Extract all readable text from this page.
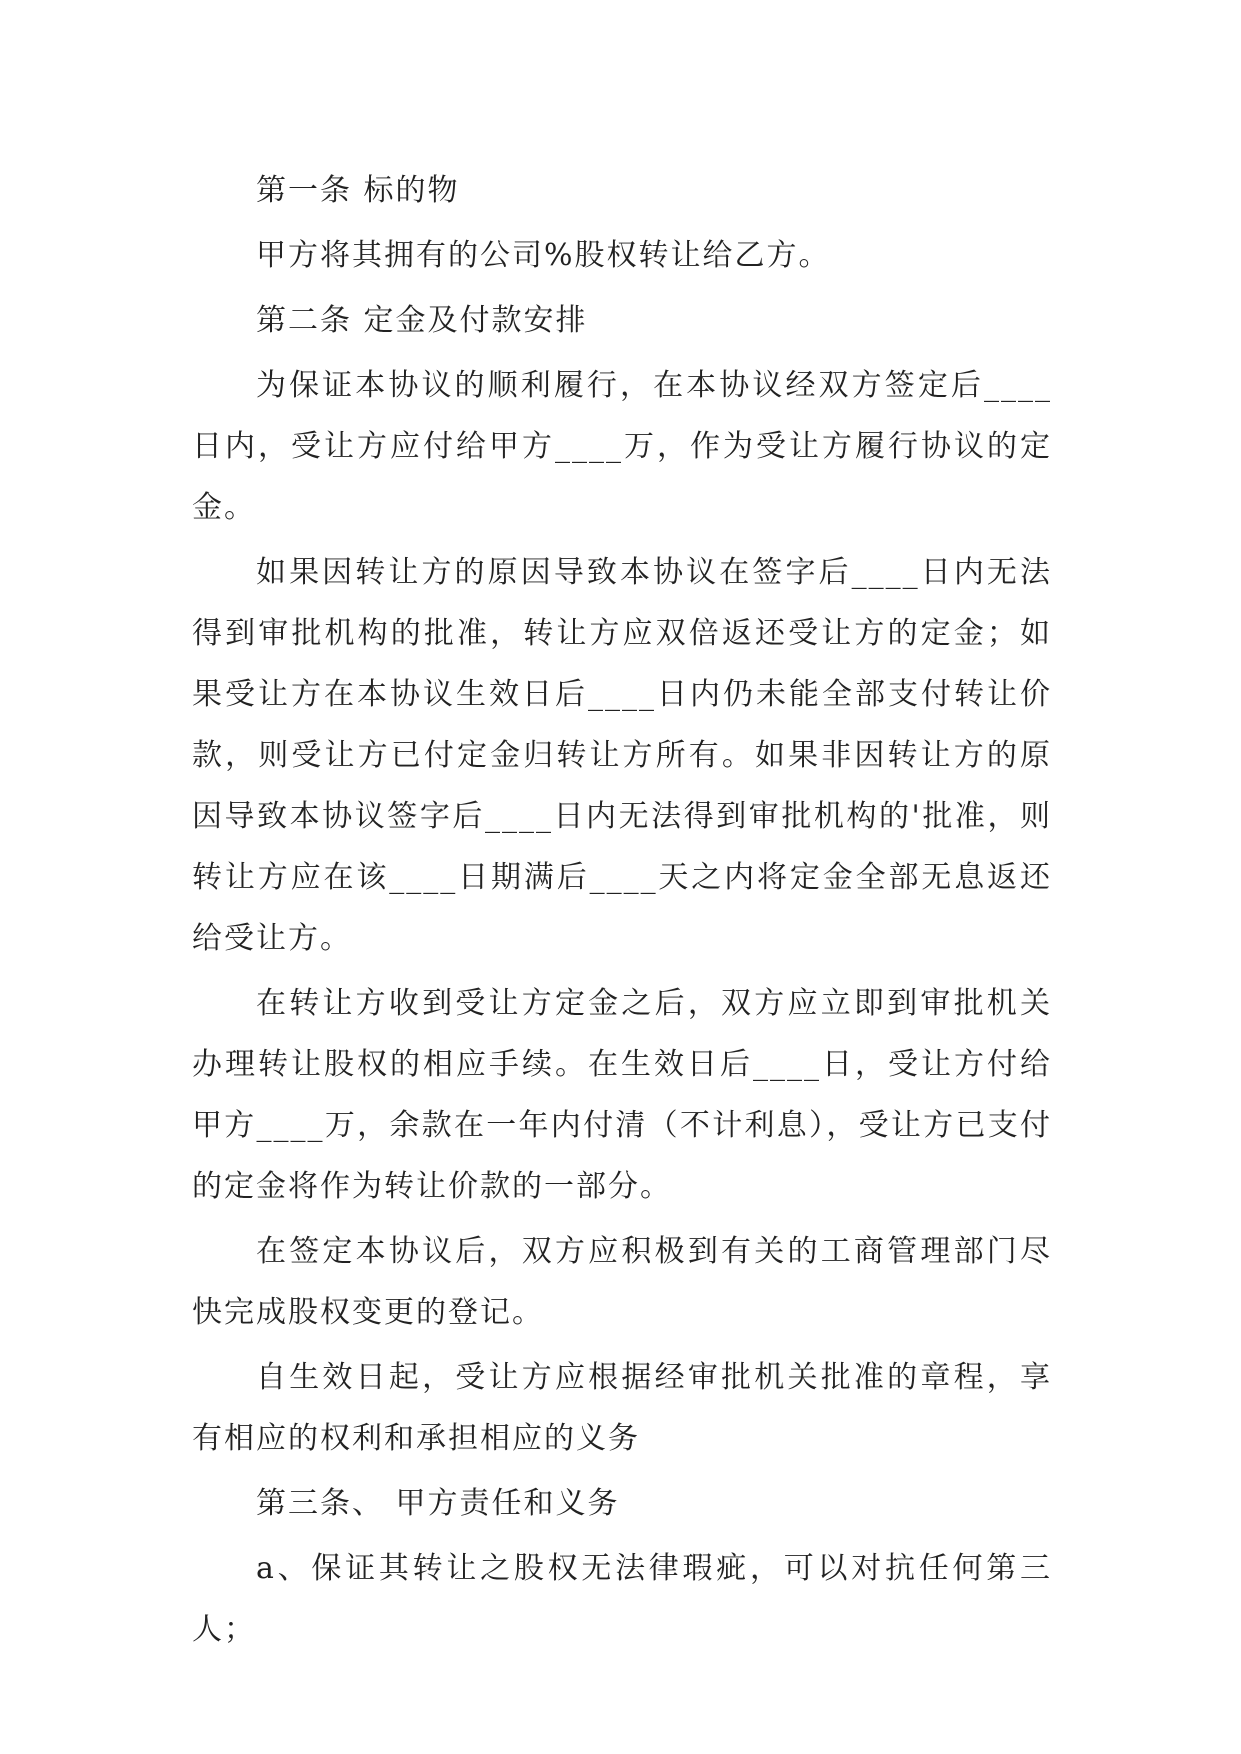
第一条 标的物

甲方将其拥有的公司%股权转让给乙方。

第二条 定金及付款安排

为保证本协议的顺利履行，在本协议经双方签定后____日内，受让方应付给甲方____万，作为受让方履行协议的定金。

如果因转让方的原因导致本协议在签字后____日内无法得到审批机构的批准，转让方应双倍返还受让方的定金；如果受让方在本协议生效日后____日内仍未能全部支付转让价款，则受让方已付定金归转让方所有。如果非因转让方的原因导致本协议签字后____日内无法得到审批机构的'批准，则转让方应在该____日期满后____天之内将定金全部无息返还给受让方。

在转让方收到受让方定金之后，双方应立即到审批机关办理转让股权的相应手续。在生效日后____日，受让方付给甲方____万，余款在一年内付清（不计利息），受让方已支付的定金将作为转让价款的一部分。

在签定本协议后，双方应积极到有关的工商管理部门尽快完成股权变更的登记。

自生效日起，受让方应根据经审批机关批准的章程，享有相应的权利和承担相应的义务

第三条、 甲方责任和义务

a、保证其转让之股权无法律瑕疵，可以对抗任何第三人；
